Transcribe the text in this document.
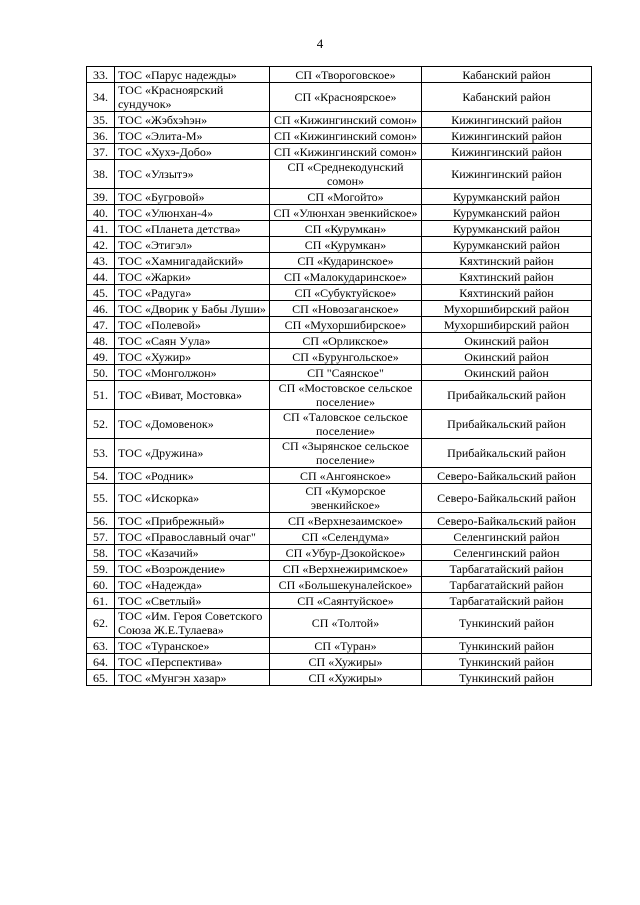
4
33.	ТОС «Парус надежды»	СП «Твороговское»	Кабанский район
34.	ТОС «Красноярский сундучок»	СП «Красноярское»	Кабанский район
35.	ТОС «Жэбхэһэн»	СП «Кижингинский сомон»	Кижингинский район
36.	ТОС «Элита-М»	СП «Кижингинский сомон»	Кижингинский район
37.	ТОС «Хухэ-Добо»	СП «Кижингинский сомон»	Кижингинский район
38.	ТОС «Улзытэ»	СП «Среднекодунский сомон»	Кижингинский район
39.	ТОС «Бугровой»	СП «Могойто»	Курумканский район
40.	ТОС «Улюнхан-4»	СП «Улюнхан эвенкийское»	Курумканский район
41.	ТОС «Планета детства»	СП «Курумкан»	Курумканский район
42.	ТОС «Этигэл»	СП «Курумкан»	Курумканский район
43.	ТОС «Хамнигадайский»	СП «Кударинское»	Кяхтинский район
44.	ТОС «Жарки»	СП «Малокударинское»	Кяхтинский район
45.	ТОС «Радуга»	СП «Субуктуйское»	Кяхтинский район
46.	ТОС «Дворик у Бабы Луши»	СП «Новозаганское»	Мухоршибирский район
47.	ТОС «Полевой»	СП «Мухоршибирское»	Мухоршибирский район
48.	ТОС «Саян Уула»	СП «Орликское»	Окинский район
49.	ТОС «Хужир»	СП «Бурунгольское»	Окинский район
50.	ТОС «Монголжон»	СП "Саянское"	Окинский район
51.	ТОС «Виват, Мостовка»	СП «Мостовское сельское поселение»	Прибайкальский район
52.	ТОС «Домовенок»	СП «Таловское сельское поселение»	Прибайкальский район
53.	ТОС «Дружина»	СП «Зырянское сельское поселение»	Прибайкальский район
54.	ТОС «Родник»	СП «Ангоянское»	Северо-Байкальский район
55.	ТОС «Искорка»	СП «Куморское эвенкийское»	Северо-Байкальский район
56.	ТОС «Прибрежный»	СП «Верхнезаимское»	Северо-Байкальский район
57.	ТОС «Православный очаг"	СП «Селендума»	Селенгинский район
58.	ТОС «Казачий»	СП «Убур-Дзокойское»	Селенгинский район
59.	ТОС «Возрождение»	СП «Верхнежиримское»	Тарбагатайский район
60.	ТОС «Надежда»	СП «Большекуналейское»	Тарбагатайский район
61.	ТОС «Светлый»	СП «Саянтуйское»	Тарбагатайский район
62.	ТОС «Им. Героя Советского Союза Ж.Е.Тулаева»	СП «Толтой»	Тункинский район
63.	ТОС «Туранское»	СП «Туран»	Тункинский район
64.	ТОС «Перспектива»	СП «Хужиры»	Тункинский район
65.	ТОС «Мунгэн хазар»	СП «Хужиры»	Тункинский район
